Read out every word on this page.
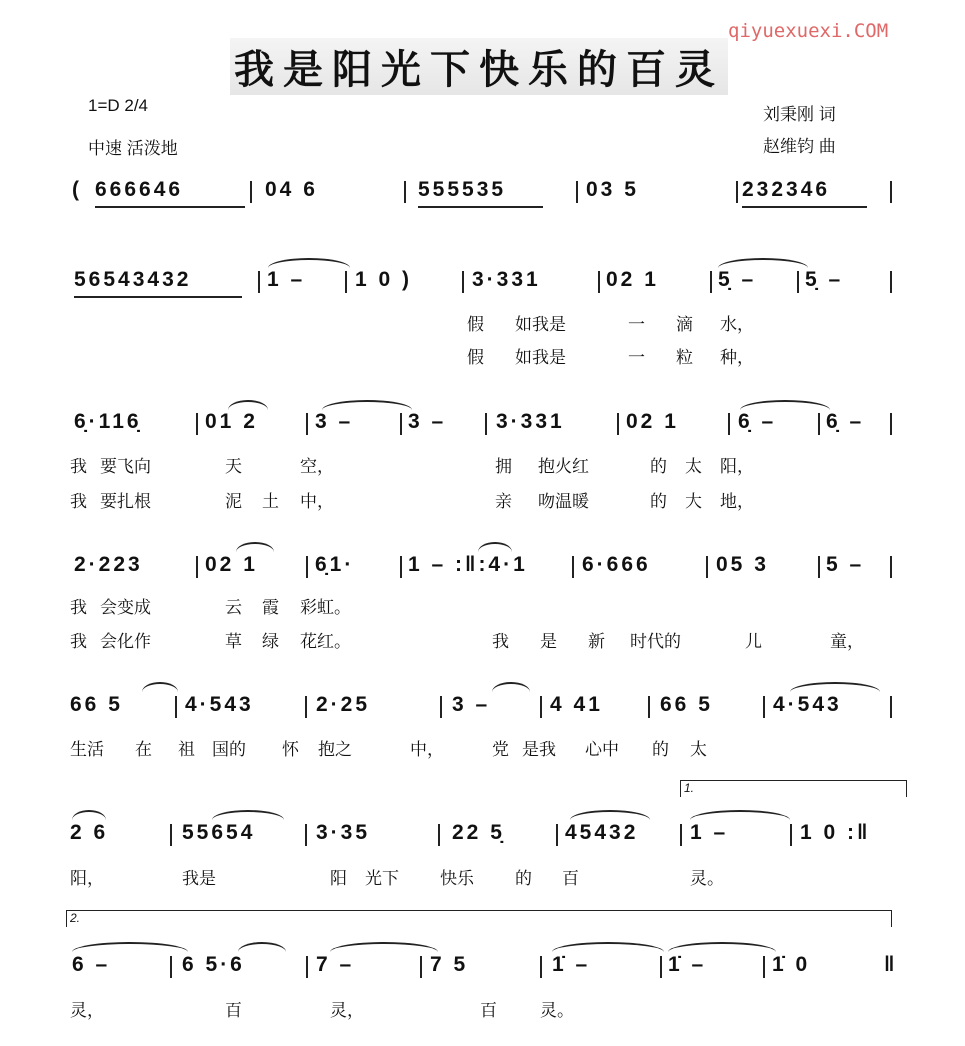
qiyuexuexi.COM
我是阳光下快乐的百灵
1=D 2/4
中速 活泼地
刘秉刚 词
赵维钧 曲
( 666646	04 6	555535	03 5	232346
56543432	1 – 1 0 )	3·331	02 1	5̣ – 5̣ –
假 如我是	一 滴 水，
假 如我是	一 粒 种，
6̣·116̣	01 2	3 –	3 – 3·331	02 1	6̣ – 6̣ –
我 要飞向	天	空，	拥 抱火红	的 太 阳，
我 要扎根	泥 土 中，	亲 吻温暖	的 大 地，
2·223	02 1	6̣1·	1 – :‖:4·1	6·666	05 3	5 –
我 会变成	云 霞 彩虹。
我 会化作	草 绿 花红。	我 是 新 时代的	儿	童，
66 5	4·543	2·25	3 –	4 41	66 5	4·543
生活 在 祖 国的 怀 抱之	中，	党 是我 心中 的 太
1.
2 6	55654	3·35	22 5̣	45432 1 –	1 0 :‖
阳，	我是	阳 光下 快乐 的 百	灵。
2.
6 –	6 5·6	7 –	7 5	1̇ –	1̇ –	1̇ 0	‖
灵，	百	灵，	百	灵。
